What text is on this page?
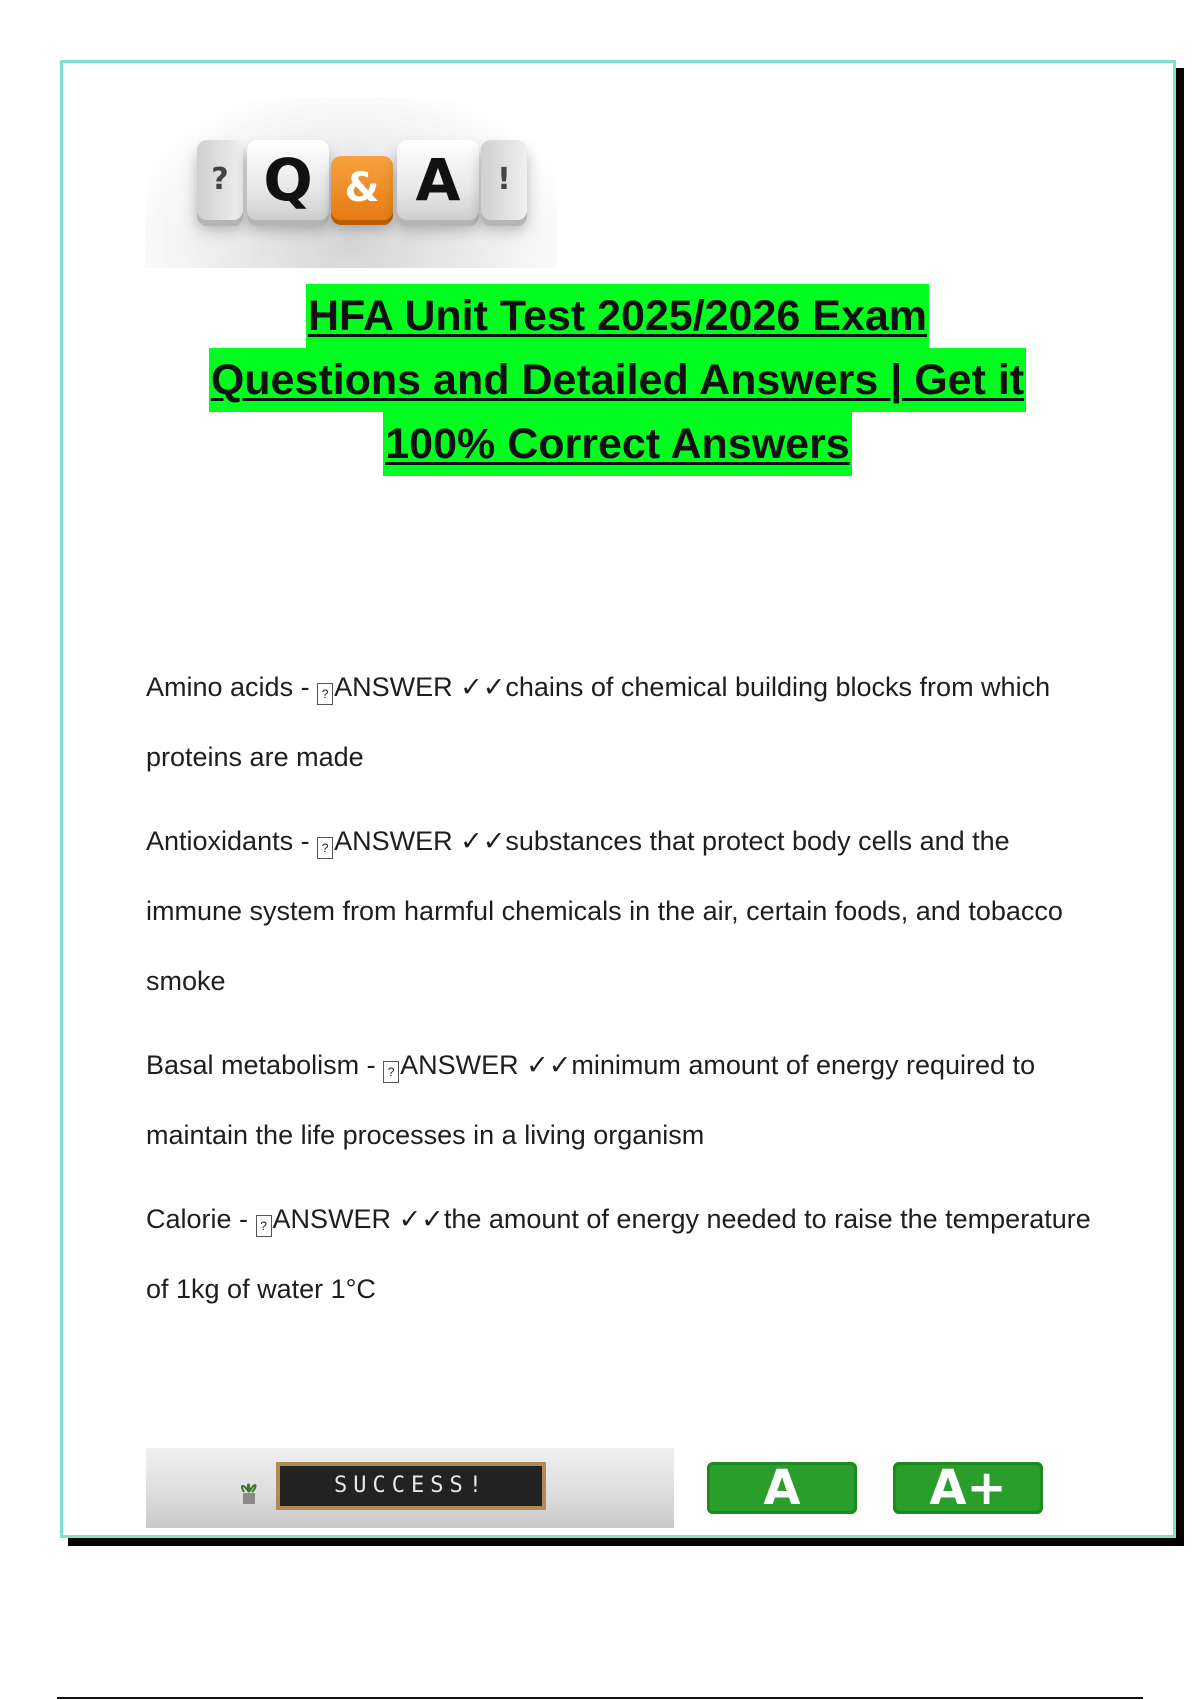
? Q & A	!
HFA Unit Test 2025/2026 Exam
Questions and Detailed Answers | Get it
100% Correct Answers
Amino acids - ? ANSWER ✓✓chains of chemical building blocks from which proteins are made
Antioxidants - ? ANSWER ✓✓substances that protect body cells and the immune system from harmful chemicals in the air, certain foods, and tobacco smoke
Basal metabolism - ? ANSWER ✓✓minimum amount of energy required to maintain the life processes in a living organism
Calorie - ? ANSWER ✓✓the amount of energy needed to raise the temperature of 1kg of water 1°C
SUCCESS!	A	A+
